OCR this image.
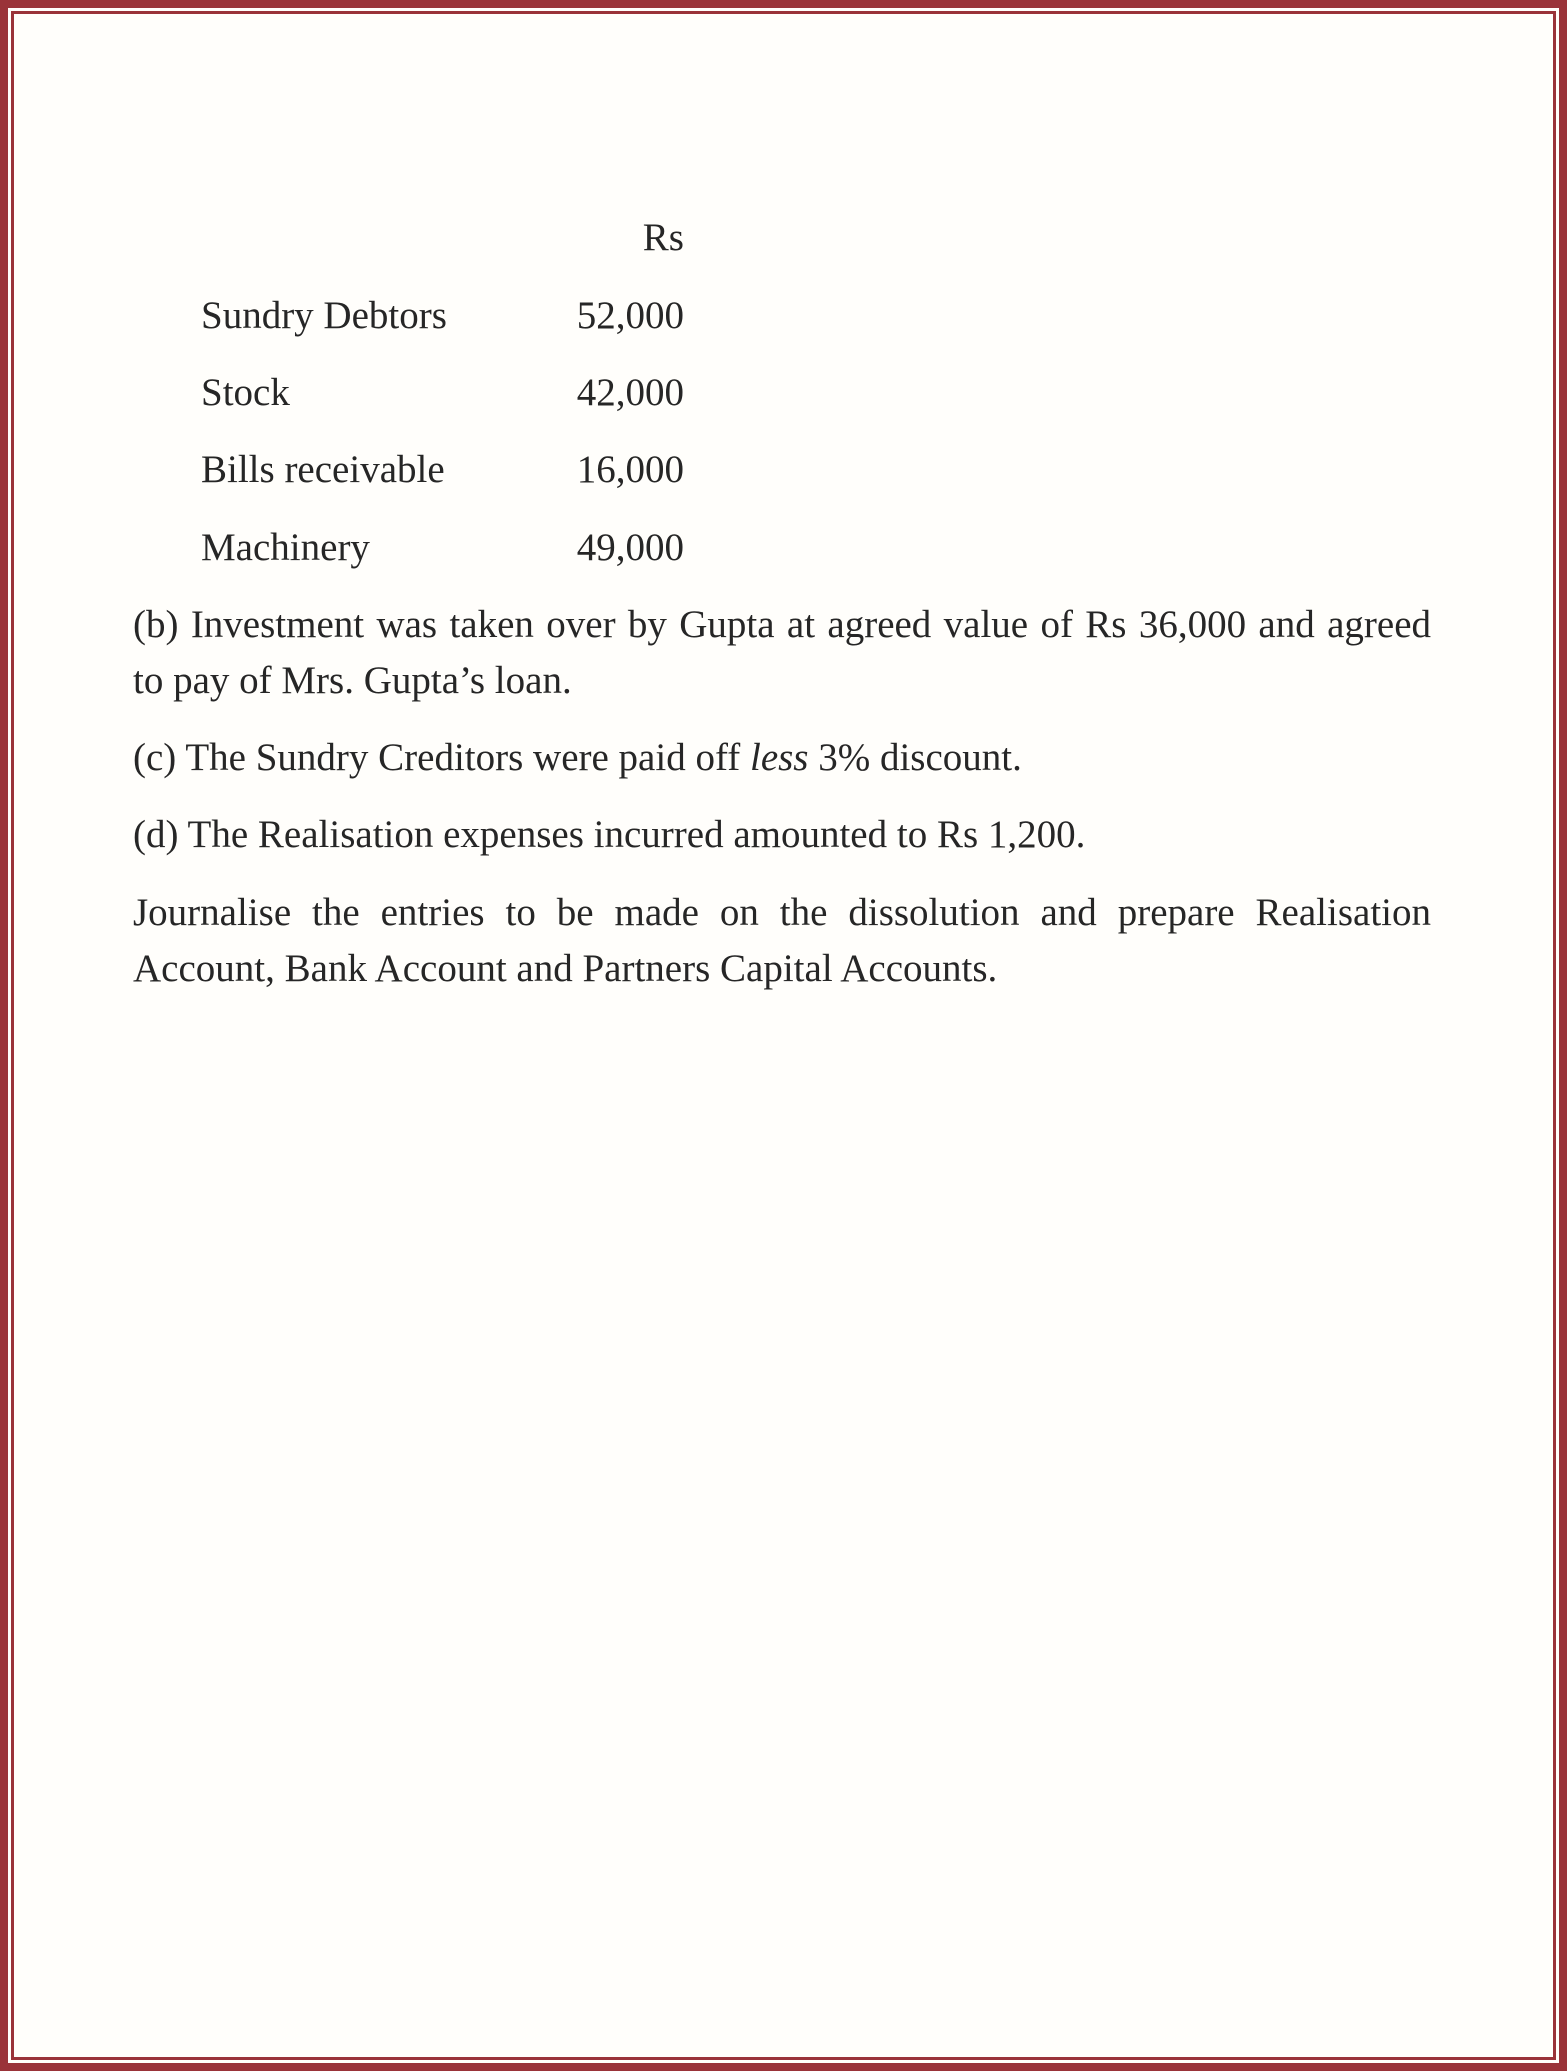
Rs
Sundry Debtors	52,000
Stock	42,000
Bills receivable	16,000
Machinery	49,000
(b) Investment was taken over by Gupta at agreed value of Rs 36,000 and agreed to pay of Mrs. Gupta’s loan.
(c) The Sundry Creditors were paid off less 3% discount.
(d) The Realisation expenses incurred amounted to Rs 1,200.
Journalise the entries to be made on the dissolution and prepare Realisation Account, Bank Account and Partners Capital Accounts.
